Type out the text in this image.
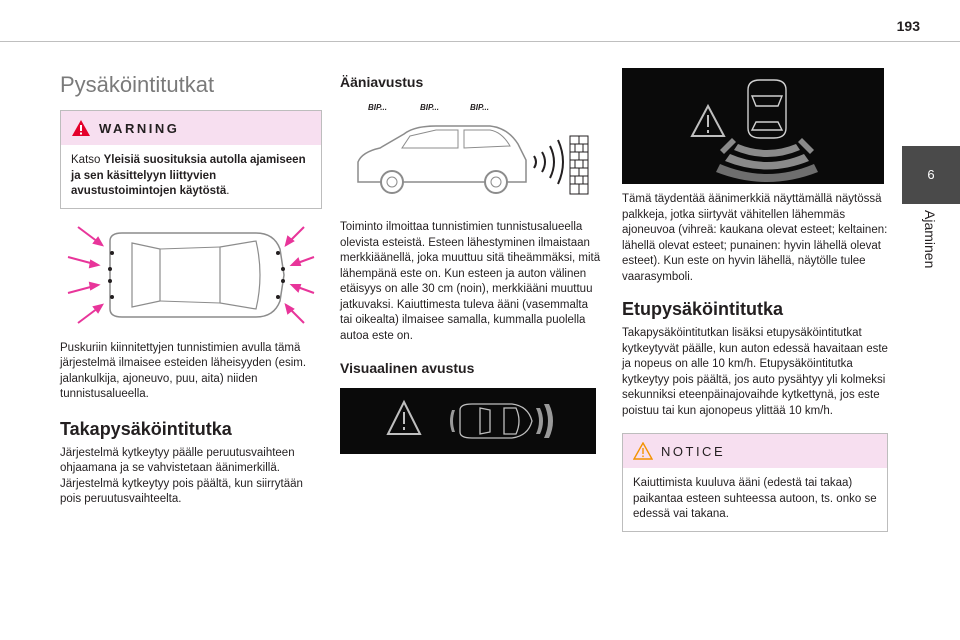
193
6
Ajaminen
Pysäköintitutkat
WARNING

Katso Yleisiä suosituksia autolla ajamiseen ja sen käsittelyyn liittyvien avustustoimintojen käytöstä.

Puskuriin kiinnitettyjen tunnistimien avulla tämä järjestelmä ilmaisee esteiden läheisyyden (esim. jalankulkija, ajoneuvo, puu, aita) niiden tunnistusalueella.

Takapysäköintitutka

Järjestelmä kytkeytyy päälle peruutusvaihteen ohjaamana ja se vahvistetaan äänimerkillä. Järjestelmä kytkeytyy pois päältä, kun siirrytään pois peruutusvaihteelta.

Ääniavustus
BIP...	BIP...	BIP...

Toiminto ilmoittaa tunnistimien tunnistusalueella olevista esteistä. Esteen lähestyminen ilmaistaan merkkiäänellä, joka muuttuu sitä tiheämmäksi, mitä lähempänä este on. Kun esteen ja auton välinen etäisyys on alle 30 cm (noin), merkkiääni muuttuu jatkuvaksi. Kaiuttimesta tuleva ääni (vasemmalta tai oikealta) ilmaisee samalla, kummalla puolella autoa este on.

Visuaalinen avustus

Tämä täydentää äänimerkkiä näyttämällä näytössä palkkeja, jotka siirtyvät vähitellen lähemmäs ajoneuvoa (vihreä: kaukana olevat esteet; keltainen: lähellä olevat esteet; punainen: hyvin lähellä olevat esteet). Kun este on hyvin lähellä, näytölle tulee vaarasymboli.

Etupysäköintitutka

Takapysäköintitutkan lisäksi etupysäköintitutkat kytkeytyvät päälle, kun auton edessä havaitaan este ja nopeus on alle 10 km/h. Etupysäköintitutka kytkeytyy pois päältä, jos auto pysähtyy yli kolmeksi sekunniksi eteenpäinajovaihde kytkettynä, jos este poistuu tai kun ajonopeus ylittää 10 km/h.

NOTICE

Kaiuttimista kuuluva ääni (edestä tai takaa) paikantaa esteen suhteessa autoon, ts. onko se edessä vai takana.
